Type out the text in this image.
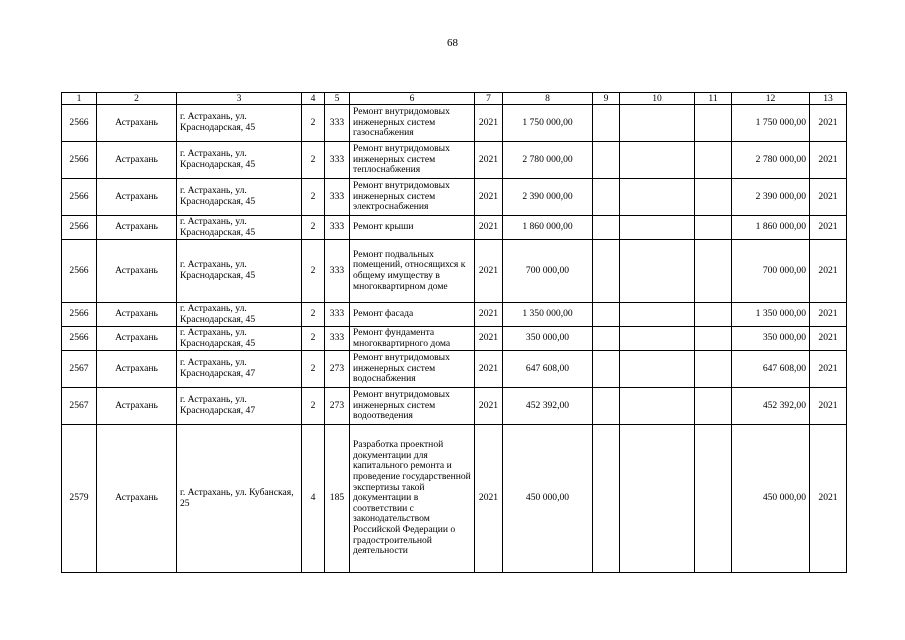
68
1	2	3	4	5	6	7	8	9	10	11	12	13
2566	Астрахань	г. Астрахань, ул. Краснодарская, 45	2	333	Ремонт внутридомовых инженерных систем газоснабжения	2021	1 750 000,00				1 750 000,00	2021
2566	Астрахань	г. Астрахань, ул. Краснодарская, 45	2	333	Ремонт внутридомовых инженерных систем теплоснабжения	2021	2 780 000,00				2 780 000,00	2021
2566	Астрахань	г. Астрахань, ул. Краснодарская, 45	2	333	Ремонт внутридомовых инженерных систем электроснабжения	2021	2 390 000,00				2 390 000,00	2021
2566	Астрахань	г. Астрахань, ул. Краснодарская, 45	2	333	Ремонт крыши	2021	1 860 000,00				1 860 000,00	2021
2566	Астрахань	г. Астрахань, ул. Краснодарская, 45	2	333	Ремонт подвальных помещений, относящихся к общему имуществу в многоквартирном доме	2021	700 000,00				700 000,00	2021
2566	Астрахань	г. Астрахань, ул. Краснодарская, 45	2	333	Ремонт фасада	2021	1 350 000,00				1 350 000,00	2021
2566	Астрахань	г. Астрахань, ул. Краснодарская, 45	2	333	Ремонт фундамента многоквартирного дома	2021	350 000,00				350 000,00	2021
2567	Астрахань	г. Астрахань, ул. Краснодарская, 47	2	273	Ремонт внутридомовых инженерных систем водоснабжения	2021	647 608,00				647 608,00	2021
2567	Астрахань	г. Астрахань, ул. Краснодарская, 47	2	273	Ремонт внутридомовых инженерных систем водоотведения	2021	452 392,00				452 392,00	2021
2579	Астрахань	г. Астрахань, ул. Кубанская, 25	4	185	Разработка проектной документации для капитального ремонта и проведение государственной экспертизы такой документации в соответствии с законодательством Российской Федерации о градостроительной деятельности	2021	450 000,00				450 000,00	2021
